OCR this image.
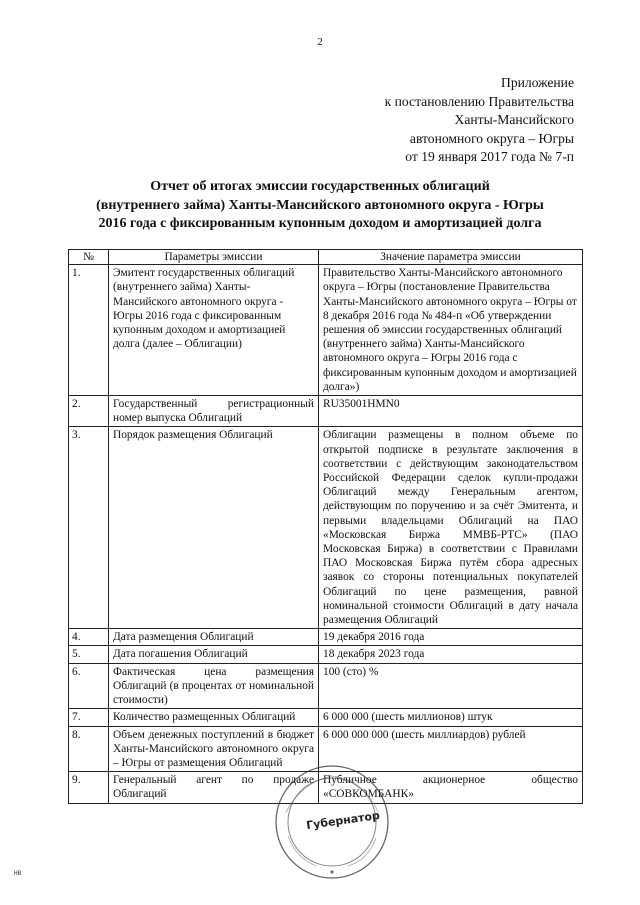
2
Приложение
к постановлению Правительства
Ханты-Мансийского
автономного округа – Югры
от 19 января 2017 года № 7-п
Отчет об итогах эмиссии государственных облигаций
(внутреннего займа) Ханты-Мансийского автономного округа - Югры
2016 года с фиксированным купонным доходом и амортизацией долга
№	Параметры эмиссии	Значение параметра эмиссии
1.	Эмитент государственных облигаций (внутреннего займа) Ханты-Мансийского автономного округа - Югры 2016 года с фиксированным купонным доходом и амортизацией долга (далее – Облигации)	Правительство Ханты-Мансийского автономного округа – Югры (постановление Правительства Ханты-Мансийского автономного округа – Югры от 8 декабря 2016 года № 484-п «Об утверждении решения об эмиссии государственных облигаций (внутреннего займа) Ханты-Мансийского автономного округа – Югры 2016 года с фиксированным купонным доходом и амортизацией долга»)
2.	Государственный регистрационный номер выпуска Облигаций	RU35001HMN0
3.	Порядок размещения Облигаций	Облигации размещены в полном объеме по открытой подписке в результате заключения в соответствии с действующим законодательством Российской Федерации сделок купли-продажи Облигаций между Генеральным агентом, действующим по поручению и за счёт Эмитента, и первыми владельцами Облигаций на ПАО «Московская Биржа ММВБ-РТС» (ПАО Московская Биржа) в соответствии с Правилами ПАО Московская Биржа путём сбора адресных заявок со стороны потенциальных покупателей Облигаций по цене размещения, равной номинальной стоимости Облигаций в дату начала размещения Облигаций
4.	Дата размещения Облигаций	19 декабря 2016 года
5.	Дата погашения Облигаций	18 декабря 2023 года
6.	Фактическая цена размещения Облигаций (в процентах от номинальной стоимости)	100 (сто) %
7.	Количество размещенных Облигаций	6 000 000 (шесть миллионов) штук
8.	Объем денежных поступлений в бюджет Ханты-Мансийского автономного округа – Югры от размещения Облигаций	6 000 000 000 (шесть миллиардов) рублей
9.	Генеральный агент по продаже Облигаций	Публичное акционерное общество «СОВКОМБАНК»
Губернатор
HB
